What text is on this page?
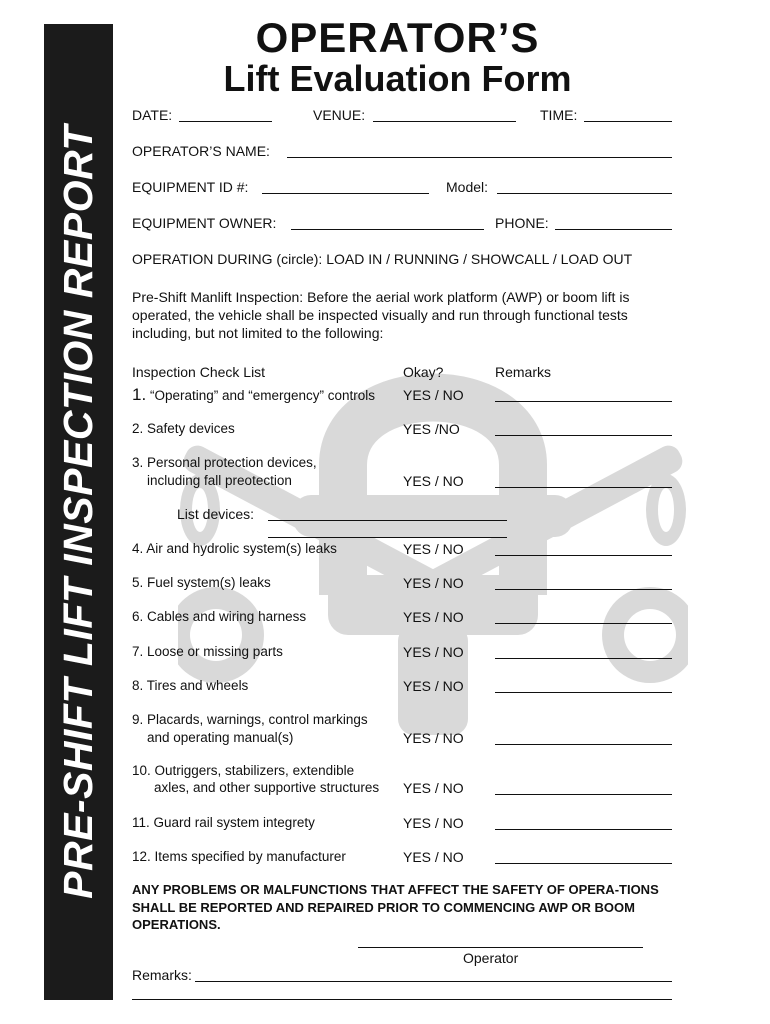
PRE-SHIFT LIFT INSPECTION REPORT
OPERATOR’S
Lift Evaluation Form
DATE:	VENUE:	TIME:
OPERATOR’S NAME:
EQUIPMENT ID #:	Model:
EQUIPMENT OWNER:	PHONE:
OPERATION DURING (circle): LOAD IN / RUNNING / SHOWCALL / LOAD OUT
Pre-Shift Manlift Inspection: Before the aerial work platform (AWP) or boom lift is operated, the vehicle shall be inspected visually and run through functional tests including, but not limited to the following:
Inspection Check List	Okay?	Remarks
1. “Operating” and “emergency” controls YES / NO
2. Safety devices	YES /NO
3. Personal protection devices,
including fall preotection	YES / NO
List devices:
4. Air and hydrolic system(s) leaks	YES / NO
5. Fuel system(s) leaks	YES / NO
6. Cables and wiring harness	YES / NO
7. Loose or missing parts	YES / NO
8. Tires and wheels	YES / NO
9. Placards, warnings, control markings
and operating manual(s)	YES / NO
10. Outriggers, stabilizers, extendible
axles, and other supportive structures YES / NO
11. Guard rail system integrety	YES / NO
12. Items specified by manufacturer	YES / NO
ANY PROBLEMS OR MALFUNCTIONS THAT AFFECT THE SAFETY OF OPERA-TIONS SHALL BE REPORTED AND REPAIRED PRIOR TO COMMENCING AWP OR BOOM OPERATIONS.
Operator
Remarks:
